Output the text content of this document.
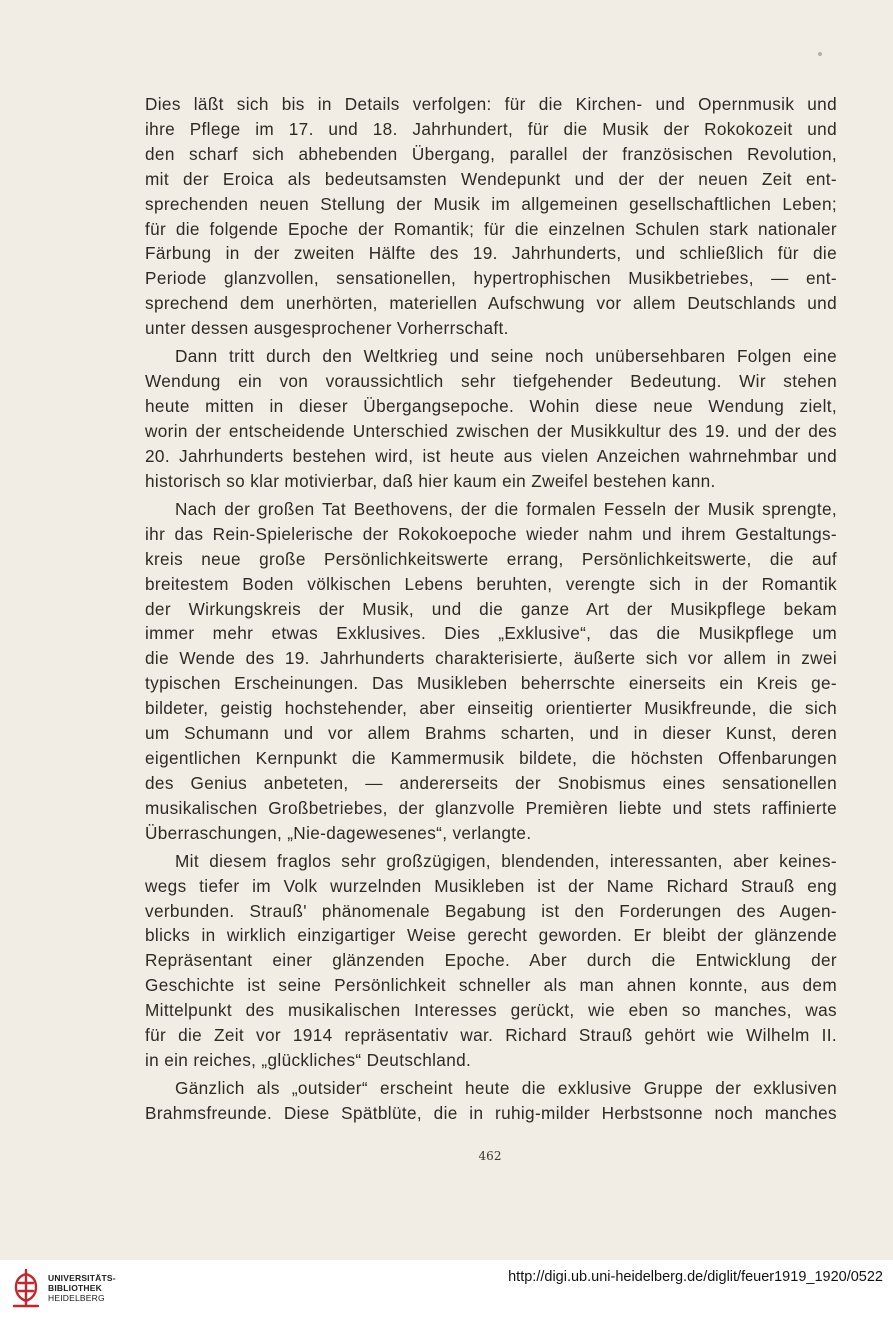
Dies läßt sich bis in Details verfolgen: für die Kirchen- und Opernmusik und
ihre Pflege im 17. und 18. Jahrhundert, für die Musik der Rokokozeit und
den scharf sich abhebenden Übergang, parallel der französischen Revolution,
mit der Eroica als bedeutsamsten Wendepunkt und der der neuen Zeit ent-
sprechenden neuen Stellung der Musik im allgemeinen gesellschaftlichen Leben;
für die folgende Epoche der Romantik; für die einzelnen Schulen stark nationaler
Färbung in der zweiten Hälfte des 19. Jahrhunderts, und schließlich für die
Periode glanzvollen, sensationellen, hypertrophischen Musikbetriebes, — ent-
sprechend dem unerhörten, materiellen Aufschwung vor allem Deutschlands und
unter dessen ausgesprochener Vorherrschaft.

Dann tritt durch den Weltkrieg und seine noch unübersehbaren Folgen eine
Wendung ein von voraussichtlich sehr tiefgehender Bedeutung. Wir stehen
heute mitten in dieser Übergangsepoche. Wohin diese neue Wendung zielt,
worin der entscheidende Unterschied zwischen der Musikkultur des 19. und der des
20. Jahrhunderts bestehen wird, ist heute aus vielen Anzeichen wahrnehmbar und
historisch so klar motivierbar, daß hier kaum ein Zweifel bestehen kann.

Nach der großen Tat Beethovens, der die formalen Fesseln der Musik sprengte,
ihr das Rein-Spielerische der Rokokoepoche wieder nahm und ihrem Gestaltungs-
kreis neue große Persönlichkeitswerte errang, Persönlichkeitswerte, die auf
breitestem Boden völkischen Lebens beruhten, verengte sich in der Romantik
der Wirkungskreis der Musik, und die ganze Art der Musikpflege bekam
immer mehr etwas Exklusives. Dies „Exklusive“, das die Musikpflege um
die Wende des 19. Jahrhunderts charakterisierte, äußerte sich vor allem in zwei
typischen Erscheinungen. Das Musikleben beherrschte einerseits ein Kreis ge-
bildeter, geistig hochstehender, aber einseitig orientierter Musikfreunde, die sich
um Schumann und vor allem Brahms scharten, und in dieser Kunst, deren
eigentlichen Kernpunkt die Kammermusik bildete, die höchsten Offenbarungen
des Genius anbeteten, — andererseits der Snobismus eines sensationellen
musikalischen Großbetriebes, der glanzvolle Premièren liebte und stets raffinierte
Überraschungen, „Nie-dagewesenes“, verlangte.

Mit diesem fraglos sehr großzügigen, blendenden, interessanten, aber keines-
wegs tiefer im Volk wurzelnden Musikleben ist der Name Richard Strauß eng
verbunden. Strauß' phänomenale Begabung ist den Forderungen des Augen-
blicks in wirklich einzigartiger Weise gerecht geworden. Er bleibt der glänzende
Repräsentant einer glänzenden Epoche. Aber durch die Entwicklung der
Geschichte ist seine Persönlichkeit schneller als man ahnen konnte, aus dem
Mittelpunkt des musikalischen Interesses gerückt, wie eben so manches, was
für die Zeit vor 1914 repräsentativ war. Richard Strauß gehört wie Wilhelm II.
in ein reiches, „glückliches“ Deutschland.

Gänzlich als „outsider“ erscheint heute die exklusive Gruppe der exklusiven
Brahmsfreunde. Diese Spätblüte, die in ruhig-milder Herbstsonne noch manches

462
UNIVERSITÄTS-
BIBLIOTHEK
HEIDELBERG
http://digi.ub.uni-heidelberg.de/diglit/feuer1919_1920/0522
